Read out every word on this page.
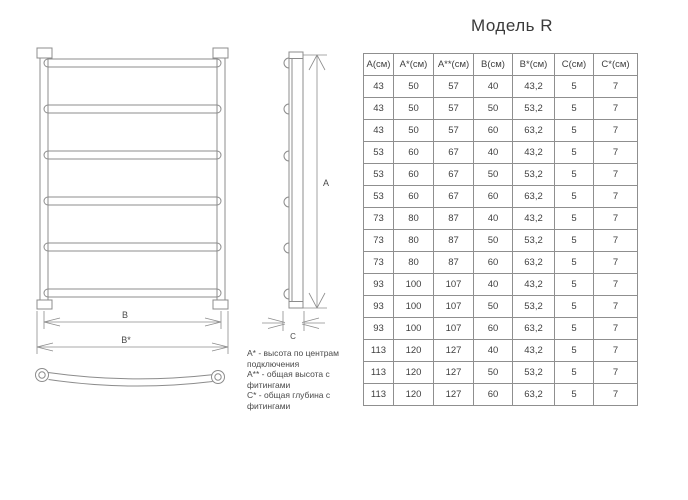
B
B*
A
C
Модель R
А(см)	А*(см)	А**(см)	В(см)	В*(см)	С(см)	С*(см)
43	50	57	40	43,2	5	7
43	50	57	50	53,2	5	7
43	50	57	60	63,2	5	7
53	60	67	40	43,2	5	7
53	60	67	50	53,2	5	7
53	60	67	60	63,2	5	7
73	80	87	40	43,2	5	7
73	80	87	50	53,2	5	7
73	80	87	60	63,2	5	7
93	100	107	40	43,2	5	7
93	100	107	50	53,2	5	7
93	100	107	60	63,2	5	7
113	120	127	40	43,2	5	7
113	120	127	50	53,2	5	7
113	120	127	60	63,2	5	7
А* - высота по центрам подключения
А** - общая высота с фитингами
С* - общая глубина с фитингами
